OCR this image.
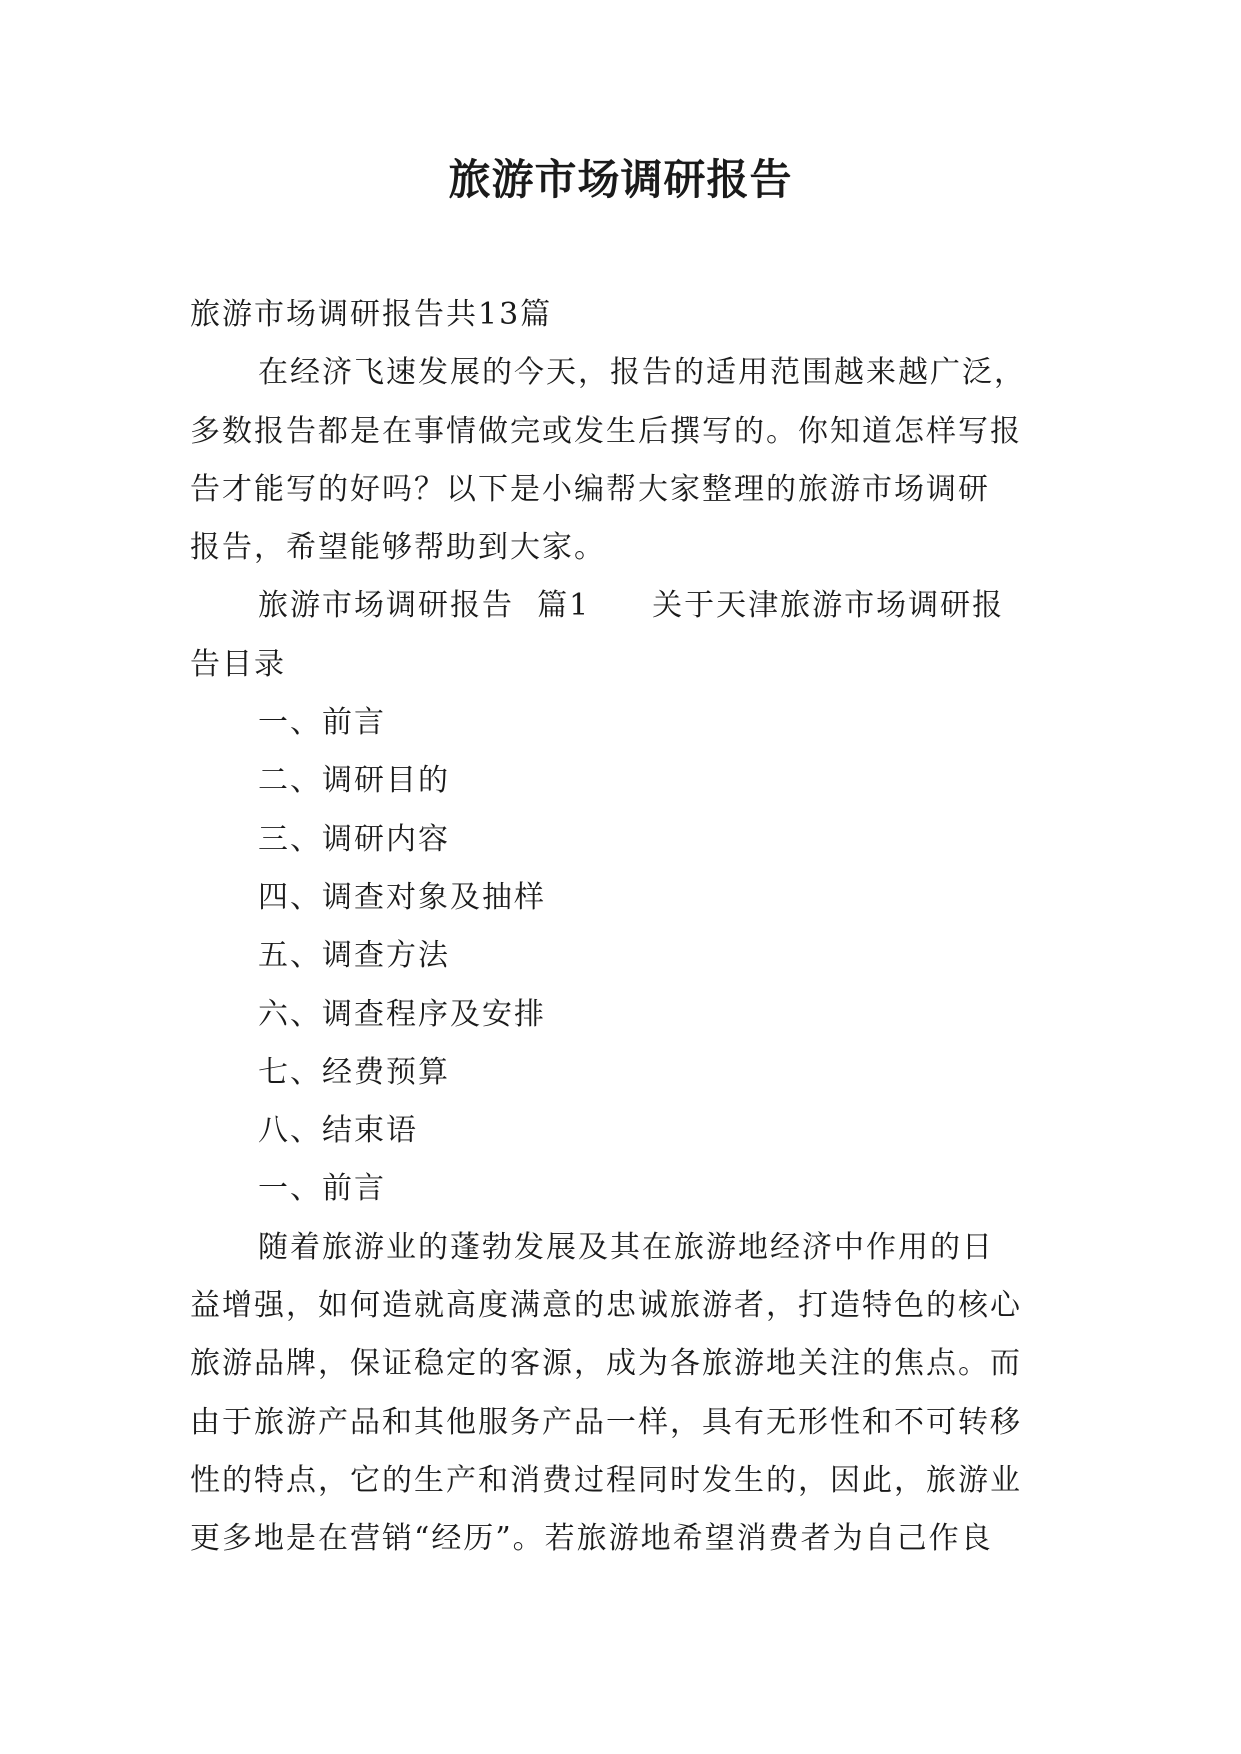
旅游市场调研报告
旅游市场调研报告共13篇
在经济飞速发展的今天，报告的适用范围越来越广泛，
多数报告都是在事情做完或发生后撰写的。你知道怎样写报
告才能写的好吗？以下是小编帮大家整理的旅游市场调研
报告，希望能够帮助到大家。
旅游市场调研报告  篇1 关于天津旅游市场调研报
告目录
一、前言
二、调研目的
三、调研内容
四、调查对象及抽样
五、调查方法
六、调查程序及安排
七、经费预算
八、结束语
一、前言
随着旅游业的蓬勃发展及其在旅游地经济中作用的日
益增强，如何造就高度满意的忠诚旅游者，打造特色的核心
旅游品牌，保证稳定的客源，成为各旅游地关注的焦点。而
由于旅游产品和其他服务产品一样，具有无形性和不可转移
性的特点，它的生产和消费过程同时发生的，因此，旅游业
更多地是在营销“经历”。若旅游地希望消费者为自己作良
